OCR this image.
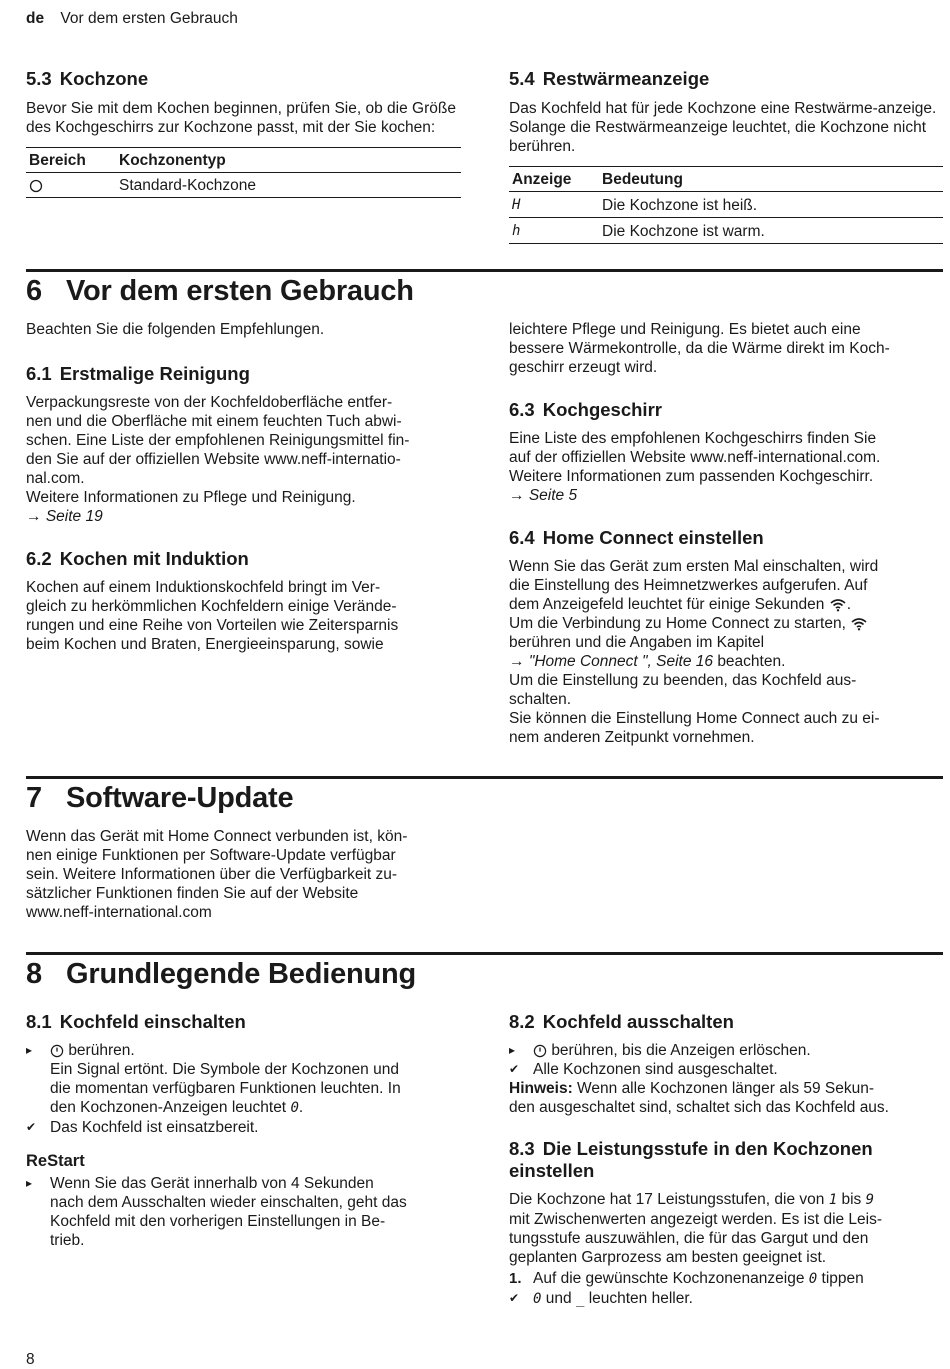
de Vor dem ersten Gebrauch
5.3 Kochzone

Bevor Sie mit dem Kochen beginnen, prüfen Sie, ob die Größe des Kochgeschirrs zur Kochzone passt, mit der Sie kochen:

Bereich	Kochzonentyp
	Standard-Kochzone
5.4 Restwärmeanzeige

Das Kochfeld hat für jede Kochzone eine Restwärme-anzeige. Solange die Restwärmeanzeige leuchtet, die Kochzone nicht berühren.

Anzeige	Bedeutung
H	Die Kochzone ist heiß.
h	Die Kochzone ist warm.
6 Vor dem ersten Gebrauch

Beachten Sie die folgenden Empfehlungen.

6.1 Erstmalige Reinigung

Verpackungsreste von der Kochfeldoberfläche entfer-

nen und die Oberfläche mit einem feuchten Tuch abwi-

schen. Eine Liste der empfohlenen Reinigungsmittel fin-

den Sie auf der offiziellen Website www.neff-internatio-

nal.com.

Weitere Informationen zu Pflege und Reinigung.

→ Seite 19

6.2 Kochen mit Induktion

Kochen auf einem Induktionskochfeld bringt im Ver-

gleich zu herkömmlichen Kochfeldern einige Verände-

rungen und eine Reihe von Vorteilen wie Zeitersparnis

beim Kochen und Braten, Energieeinsparung, sowie

leichtere Pflege und Reinigung. Es bietet auch eine

bessere Wärmekontrolle, da die Wärme direkt im Koch-

geschirr erzeugt wird.

6.3 Kochgeschirr

Eine Liste des empfohlenen Kochgeschirrs finden Sie

auf der offiziellen Website www.neff-international.com.

Weitere Informationen zum passenden Kochgeschirr.

→ Seite 5

6.4 Home Connect einstellen

Wenn Sie das Gerät zum ersten Mal einschalten, wird

die Einstellung des Heimnetzwerkes aufgerufen. Auf

dem Anzeigefeld leuchtet für einige Sekunden .

Um die Verbindung zu Home Connect zu starten,

berühren und die Angaben im Kapitel

→ "Home Connect ", Seite 16 beachten.

Um die Einstellung zu beenden, das Kochfeld aus-

schalten.

Sie können die Einstellung Home Connect auch zu ei-

nem anderen Zeitpunkt vornehmen.

7 Software-Update

Wenn das Gerät mit Home Connect verbunden ist, kön-

nen einige Funktionen per Software-Update verfügbar

sein. Weitere Informationen über die Verfügbarkeit zu-

sätzlicher Funktionen finden Sie auf der Website

www.neff-international.com

8 Grundlegende Bedienung
8.1 Kochfeld einschalten
▸ berühren.

Ein Signal ertönt. Die Symbole der Kochzonen und

die momentan verfügbaren Funktionen leuchten. In

den Kochzonen-Anzeigen leuchtet 0.

✔ Das Kochfeld ist einsatzbereit.
ReStart
▸ Wenn Sie das Gerät innerhalb von 4 Sekunden

nach dem Ausschalten wieder einschalten, geht das

Kochfeld mit den vorherigen Einstellungen in Be-

trieb.

8.2 Kochfeld ausschalten
▸ berühren, bis die Anzeigen erlöschen.
✔ Alle Kochzonen sind ausgeschaltet.

Hinweis: Wenn alle Kochzonen länger als 59 Sekun-

den ausgeschaltet sind, schaltet sich das Kochfeld aus.

8.3 Die Leistungsstufe in den Kochzonen
einstellen

Die Kochzone hat 17 Leistungsstufen, die von 1 bis 9

mit Zwischenwerten angezeigt werden. Es ist die Leis-

tungsstufe auszuwählen, die für das Gargut und den

geplanten Garprozess am besten geeignet ist.

1. Auf die gewünschte Kochzonenanzeige 0 tippen
✔ 0 und _ leuchten heller.
8
